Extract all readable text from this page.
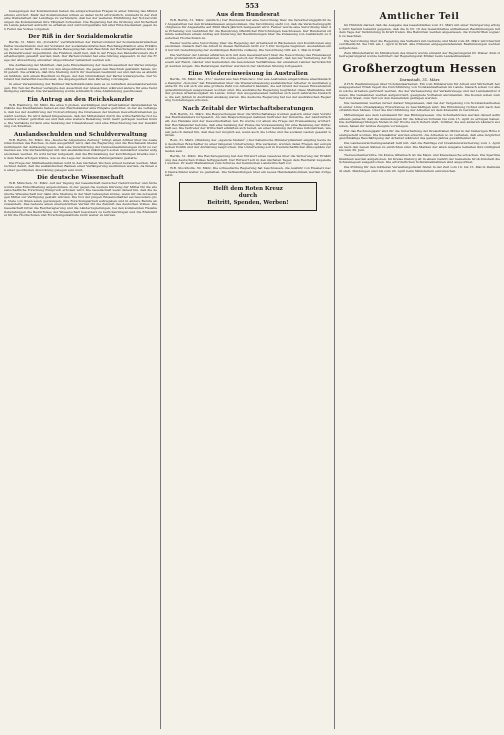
553

bewegungen der Kommunisten haben die entsprechenden Fragen in einer Sitzung des Ministeriums erörtert. Mehr der Kommunisten schien es daher nicht erforderlich, nunmehr in der Zeit eine Weiterarbeit der Landtage zu verhindern, daß bei der weiteren Einführung der Notverordnungen die Kommunisten ihre Tätigkeit fortsetzen. Die Regierung hat die Ordnung und Sicherheit im Lande jederzeit aufrecht zu erhalten und wird nötigenfalls mit aller Entschiedenheit gegen den Feind des Volkes vorgehen.

Der Riß in der Sozialdemokratie

Berlin, 31. März. Im „Vorwärts“ veröffentlichen der Parteivorstand der Sozialdemokratischen Partei Deutschlands und der Vorstand der sozialdemokratischen Reichstagsfraktion eine Erklärung, in der es heißt: Die sozialistische Bewegung hat dem Beschluß der Reichstagsfraktion über den Panzerkreuzer zugestimmt, die Fraktion stellt fest, daß in der Frage des Panzerkreuzers die Parteidisziplin gewahrt werden muß. Der Parteivorstand hat eine Sitzung angesetzt, in der die Frage der Abweichung einzelner Abgeordneter behandelt werden soll.

Die Auffassung der Mehrheit, daß jede Einzelmeinung der Geschlossenheit der Partei untergeordnet werden müsse, wird von den Abgeordneten, die gegen den Beschluß gestimmt haben, nicht geteilt. Sie erklären, daß ihre Stellung durch ihr Gewissen bestimmt sei und daß sie es ablehnen müßten, sich einem Beschluß zu fügen, der den Grundsätzen der Partei widerspreche. Der Vorstand hat daraufhin beschlossen, die Angelegenheit dem Parteitag vorzulegen.

In einer Versammlung der Berliner Parteifunktionäre kam es zu lebhaften Auseinandersetzungen. Ein Teil der Redner verlangte den Ausschluß der Abweichler, während andere für eine Verständigung eintraten. Die Versammlung wurde schließlich ohne Abstimmung geschlossen.

Ein Antrag an den Reichskanzler

W.B. Hamburg, 30. März. Die etwa 3 großen, werktätigen und Arbeitnehmer darstellenden Verbände des Kleinhandels haben an den Reichskanzler eine Eingabe gerichtet, in der sie verlangen, daß bei der Ausführung der Notverordnung die Interessen der kleinen Gewerbetreibenden gewahrt werden. Es wird darauf hingewiesen, daß der Mittelstand durch die wirtschaftliche Not besonders schwer getroffen sei und daß eine weitere Belastung nicht mehr getragen werden könne. Die Verbände fordern eine Senkung der Umsatzsteuer und eine Erleichterung bei der Gewährung von Krediten.

Auslandsschulden und Schuldverwaltung

W.B. Berlin, 30. März. Die „Deutsche Allgemeine Zeitung“ bringt einen Artikel über die Auslandsschulden des Reiches, in dem ausgeführt wird, daß die Regierung und die Reichsbank übereinstimmend der Auffassung seien, daß eine Verschärfung der Devisenbestimmungen nicht zu vermeiden sei. Die Verhandlungen mit den ausländischen Gläubigern sollen demnächst wieder aufgenommen werden. Es wird ferner mitgeteilt, daß die Rückzahlung der kurzfristigen Kredite nur in dem Maße erfolgen könne, wie es die Lage der deutschen Zahlungsbilanz gestatte.

Die Frage der Stillhalteabkommen wird in den nächsten Wochen erneut beraten werden. Man rechnet damit, daß die ausländischen Banken einer Verlängerung zustimmen werden, da ihnen an einer geordneten Abwicklung gelegen sein muß.

Die deutsche Wissenschaft

W.B. München, 31. März. Auf der Tagung der Gesellschaft deutscher Naturforscher und Ärzte wurde eine Entschließung angenommen, in der gegen die weitere Kürzung der Mittel für die wissenschaftliche Forschung Einspruch erhoben wird. Die Gesellschaft weist darauf hin, daß die deutsche Wissenschaft nur dann ihre Stellung in der Welt behaupten könne, wenn ihr die notwendigen Mittel zur Verfügung gestellt würden. Die Not der jungen Wissenschaftler sei besonders groß. Viele von ihnen seien gezwungen, ihre Forschungsarbeit aufzugeben und in andere Berufe abzuwandern. Das bedeute einen unersetzlichen Verlust für die Zukunft des deutschen Volkes. Die Gesellschaft bittet die Reichsregierung und die Länderregierungen, bei den kommenden Haushaltsberatungen die Bedürfnisse der Wissenschaft besonders zu berücksichtigen und die Etatsmittel für die Hochschulen und Forschungsinstitute nicht weiter zu kürzen.

Aus dem Bundesrat

W.B. Berlin, 31. März. (Amtlich.) Der Bundesrat hat eine Verordnung über die Versicherungspflicht der Angestellten bei den Krankenkassen angenommen. Die Verordnung sieht vor, daß die Versicherungspflichtgrenze für Angestellte auf 3600 Mark jährlich festgesetzt wird. Ferner wurde eine Verordnung über die Erhebung von Gebühren für die Benutzung öffentlicher Einrichtungen beschlossen. Der Bundesrat stimmte außerdem einem Antrag auf Änderung der Bestimmungen über die Zulassung von Ausländern zu deutschen Hochschulen zu.

Weiter wurde eine Verordnung über die Regelung der Arbeitszeit in Bäckereien und Konditoreien angenommen. Danach darf die Arbeit in diesen Betrieben nicht vor 5 Uhr morgens beginnen. Ausnahmen sind nur mit Genehmigung der zuständigen Behörde zulässig. Die Verordnung tritt am 1. Mai in Kraft.

Die Vertreter der Länder erklärten sich mit dem Gesetzentwurf über die Neuordnung des Finanzausgleichs grundsätzlich einverstanden. Es wurde jedoch der Wunsch geäußert, daß bei der Verteilung der Steuern auf Reich, Länder und Gemeinden die besonderen Verhältnisse der einzelnen Länder berücksichtigt werden mögen. Die Beratungen darüber werden in der nächsten Sitzung fortgesetzt.

Eine Wiedereinweisung in Australien

Berlin, 30. März. Die „T.U.“ meldet aus San Francisco: Der aus Australien eingetroffene amerikanische Dampfer „Sonoma“ hat Einzelheiten über die Wiedereinweisung ausländischer Arbeiter in Australien gebracht. Es soll sich um eine größere Zahl von Arbeitern handeln, die auf Grund der neuen Einwanderungsbestimmungen ausgewiesen worden sind. Die australische Regierung begründet diese Maßnahme mit der großen Arbeitslosigkeit im Lande. Unter den Ausgewiesenen befinden sich auch zahlreiche Deutsche, die seit Jahren in Australien ansässig waren. Die deutsche Regierung hat bei der australischen Regierung Vorstellungen erhoben.

Nach Zeitabl der Wirtschaftsberatungen

W.B. Berlin, 31. März. Die Besprechungen über die Wirtschaftslage wurden gestern unter dem Vorsitz des Reichskanzlers fortgesetzt. An den Besprechungen nahmen Vertreter der Industrie, der Landwirtschaft, des Handels und der Gewerkschaften teil. Es wurde vor allem die Frage der Preissenkung erörtert. Der Reichskanzler betonte, daß eine Senkung der Preise die Voraussetzung für eine Belebung der Wirtschaft sei. Die Vertreter der Wirtschaft erklärten sich bereit, an einer Senkung der Preise mitzuwirken, wiesen jedoch darauf hin, daß dies nur möglich sei, wenn auch die Löhne und die sozialen Lasten gesenkt würden.

Rom, 31. März. (Meldung der „Agenzia Stefani“.) Der italienische Ministerpräsident empfing heute den deutschen Botschafter zu einer längeren Unterredung. Wie verlautet, wurden dabei Fragen der europäischen Politik und der Abrüstung besprochen. Die Unterredung soll in freundschaftlicher Atmosphäre verlaufen sein.

Berlin, 31. März. Die Reichsregierung hat den Entwurf eines Gesetzes über die Sicherung der Ernährung des deutschen Volkes fertiggestellt. Der Entwurf soll in den nächsten Tagen dem Reichsrat zugeleitet werden. Er sieht Maßnahmen zum Schutze der heimischen Landwirtschaft vor.

W.B. Stockholm, 30. März. Die schwedische Regierung hat beschlossen, die Ausfuhr von Eisenerz nach Deutschland weiter zu gestatten. Die Verhandlungen über ein neues Handelsabkommen werden fortgesetzt.

Helft dem Roten Kreuz
durch
Beitritt, Spenden, Werben!
Amtlicher Teil

Im Hinblick darauf, daß die Ausgabe des Gesetzblattes vom 31. März mit einer Verzögerung erfolgt, wird hiermit bekannt gegeben, daß die in Nr. 16 des Gesetzblattes enthaltenen Bestimmungen mit dem Tage der Verkündung in Kraft treten. Die Behörden werden angewiesen, die Vorschriften sogleich zu beachten.

Die Verordnung über die Regelung des Verkehrs mit Getreide und Mehl vom 28. März wird hiermit veröffentlicht. Sie tritt am 1. April in Kraft. Alle früheren entgegenstehenden Bestimmungen werden aufgehoben.

Zum Ministerialrat im Ministerium des Innern wurde ernannt der Regierungsrat Dr. Weber. Zum Oberregierungsrat wurde befördert der Regierungsrat Müller beim Landesfinanzamt.

Großherzogtum Hessen
Darmstadt, 31. März

Z.H.N. Bestimmungen über Notstandsarbeiten. Ein vom Ministerium für Arbeit und Wirtschaft herausgegebener Erlaß regelt die Durchführung von Notstandsarbeiten im Lande. Danach sollen vor allem solche Arbeiten gefördert werden, die der Verbesserung der Verkehrswege und der Landeskultur dienen. Die Gemeinden werden aufgefordert, geeignete Vorhaben anzumelden. Die Kosten sollen zum Teil vom Staat, zum Teil von den Gemeinden getragen werden.

Die Gemeinden werden ferner darauf hingewiesen, daß bei der Vergebung von Notstandsarbeiten in erster Linie ortsansässige Erwerbslose zu beschäftigen sind. Die Entlohnung richtet sich nach den ortsüblichen Sätzen. Über die Durchführung der Arbeiten ist dem Kreisamt zu berichten.

Mitteilungen aus dem Landesamt für das Bildungswesen. Die Schulbehörden werden darauf aufmerksam gemacht, daß die Anmeldungen für die höheren Schulen bis zum 15. April zu erfolgen haben. Die Aufnahmeprüfungen finden in der Woche nach Ostern statt. Schüler, die aus anderen Ländern zuziehen, haben ihr letztes Zeugnis vorzulegen.

Für das Rechnungsjahr sind für die Unterhaltung der Kreisstraßen Mittel in der bisherigen Höhe bereitgestellt worden. Die Kreisämter werden ersucht, die Arbeiten so zu verteilen, daß eine möglichst gleichmäßige Beschäftigung der Arbeiter während des ganzen Jahres gewährleistet ist.

Die Landesversicherungsanstalt teilt mit, daß die Beiträge zur Invalidenversicherung vom 1. April an nach den neuen Sätzen zu entrichten sind. Die Marken der alten Ausgabe behalten ihre Gültigkeit bis zum 30. Juni.

Tierseuchenberichte. Im Kreise Offenbach ist die Maul- und Klauenseuche erloschen. Die Sperrmaßnahmen werden aufgehoben. Im Kreise Dieburg ist in einem Gehöft der Gemeinde Groß-Umstadt die Schweinepest ausgebrochen. Die erforderlichen Schutzmaßnahmen sind angeordnet.

Die Prüfung für den mittleren Verwaltungsdienst findet in der Zeit vom 10. bis 15. Mai in Darmstadt statt. Meldungen sind bis zum 20. April beim Ministerium einzureichen.
